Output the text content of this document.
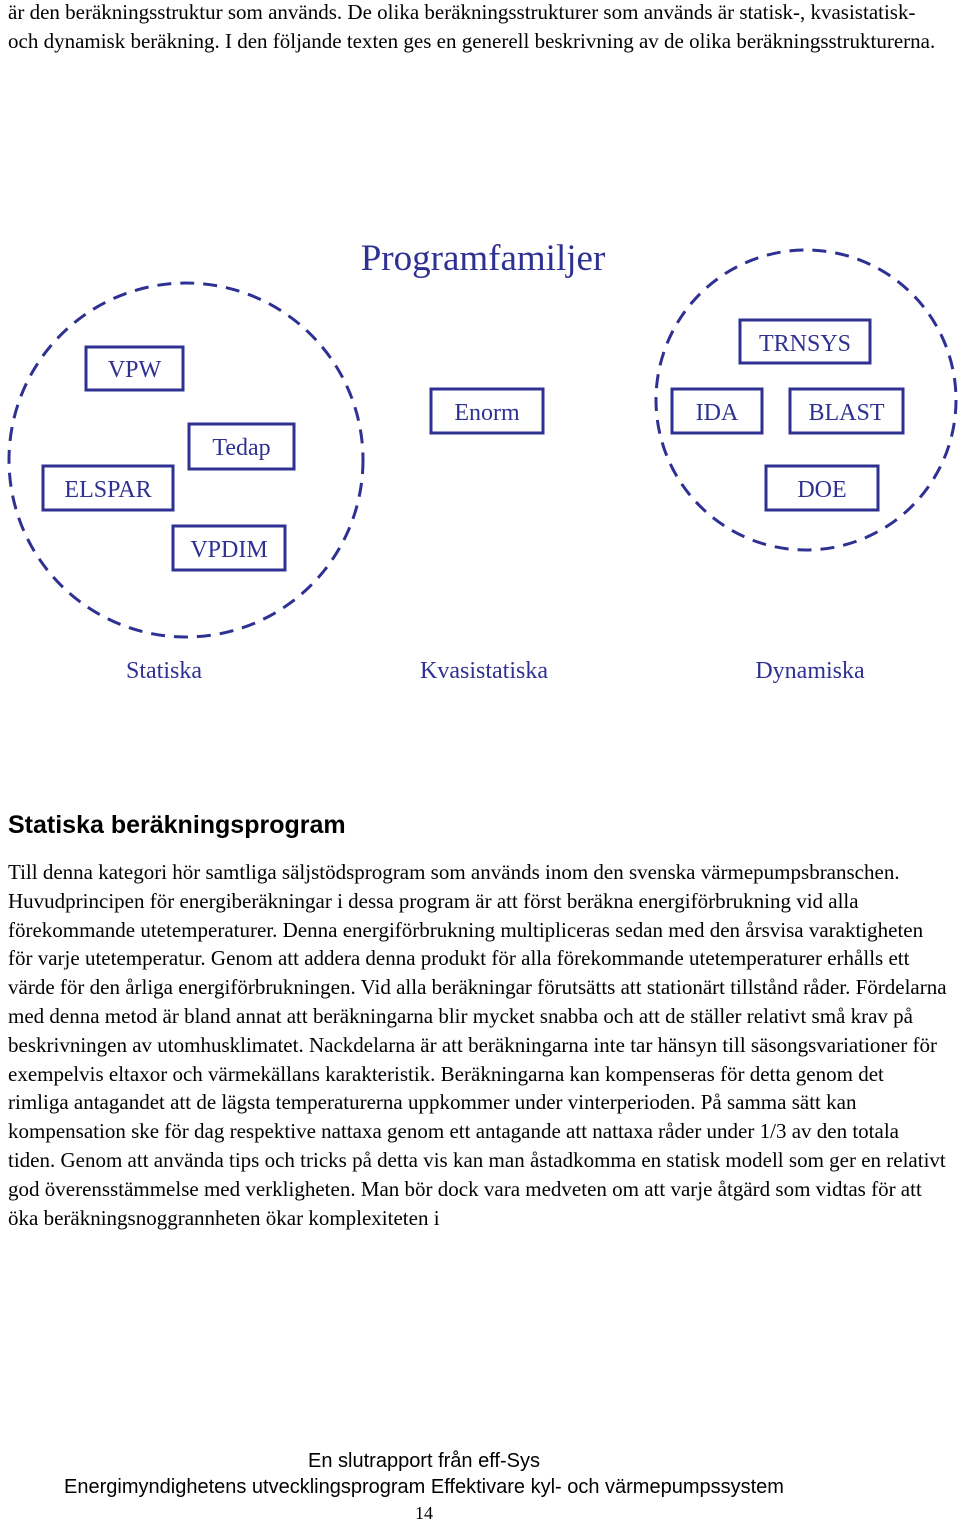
är den beräkningsstruktur som används. De olika beräkningsstrukturer som används är statisk-, kvasistatisk- och dynamisk beräkning. I den följande texten ges en generell beskrivning av de olika beräkningsstrukturerna.

Programfamiljer
VPW
Tedap
ELSPAR
VPDIM
Enorm
TRNSYS
IDA	BLAST
DOE
Statiska	Kvasistatiska	Dynamiska
Statiska beräkningsprogram

Till denna kategori hör samtliga säljstödsprogram som används inom den svenska värmepumpsbranschen. Huvudprincipen för energiberäkningar i dessa program är att först beräkna energiförbrukning vid alla förekommande utetemperaturer. Denna energiförbrukning multipliceras sedan med den årsvisa varaktigheten för varje utetemperatur. Genom att addera denna produkt för alla förekommande utetemperaturer erhålls ett värde för den årliga energiförbrukningen. Vid alla beräkningar förutsätts att stationärt tillstånd råder. Fördelarna med denna metod är bland annat att beräkningarna blir mycket snabba och att de ställer relativt små krav på beskrivningen av utomhusklimatet. Nackdelarna är att beräkningarna inte tar hänsyn till säsongsvariationer för exempelvis eltaxor och värmekällans karakteristik. Beräkningarna kan kompenseras för detta genom det rimliga antagandet att de lägsta temperaturerna uppkommer under vinterperioden. På samma sätt kan kompensation ske för dag respektive nattaxa genom ett antagande att nattaxa råder under 1/3 av den totala tiden. Genom att använda tips och tricks på detta vis kan man åstadkomma en statisk modell som ger en relativt god överensstämmelse med verkligheten. Man bör dock vara medveten om att varje åtgärd som vidtas för att öka beräkningsnoggrannheten ökar komplexiteten i

En slutrapport från eff-Sys
Energimyndighetens utvecklingsprogram Effektivare kyl- och värmepumpssystem
14
